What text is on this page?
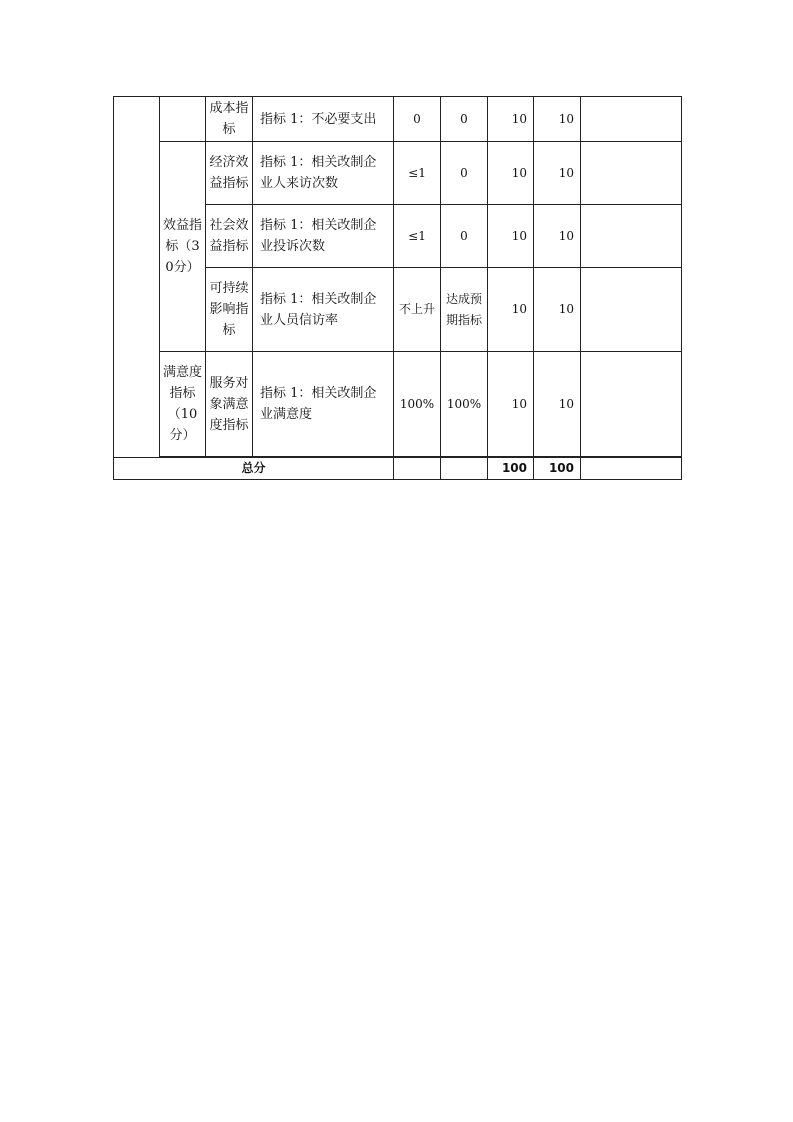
		成本指标	指标 1：不必要支出	0	0	10	10	

	效益指标（30分）	经济效益指标	指标 1：相关改制企业人来访次数	≤1	0	10	10	

		社会效益指标	指标 1：相关改制企业投诉次数	≤1	0	10	10	

		可持续影响指标	指标 1：相关改制企业人员信访率	不上升	达成预期指标	10	10	

	满意度指标（10分）	服务对象满意度指标	指标 1：相关改制企业满意度	100%	100%	10	10	

总分						100	100	
